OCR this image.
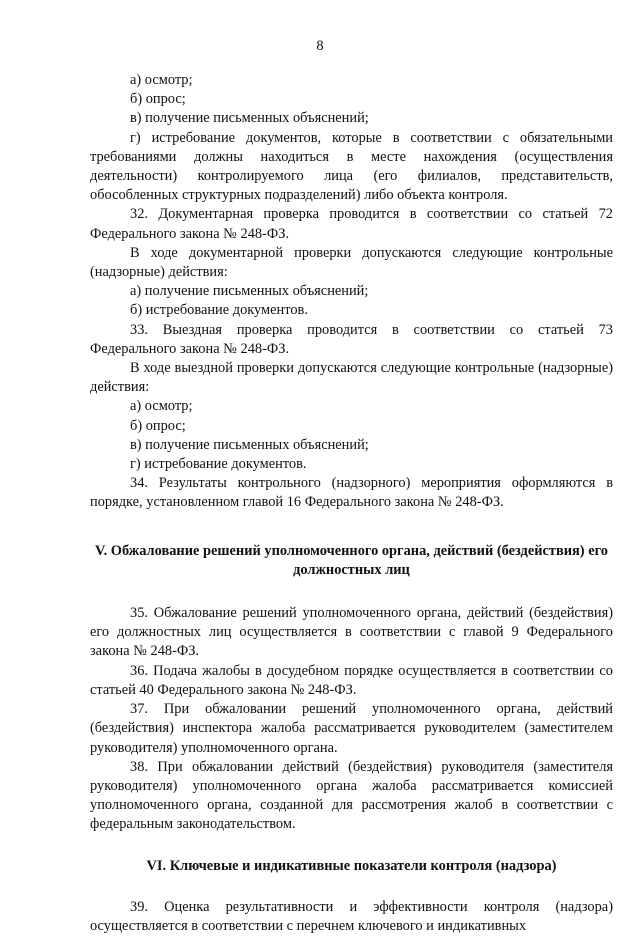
8

а) осмотр;

б) опрос;

в) получение письменных объяснений;

г) истребование документов, которые в соответствии с обязательными требованиями должны находиться в месте нахождения (осуществления деятельности) контролируемого лица (его филиалов, представительств, обособленных структурных подразделений) либо объекта контроля.

32. Документарная проверка проводится в соответствии со статьей 72 Федерального закона № 248-ФЗ.

В ходе документарной проверки допускаются следующие контрольные (надзорные) действия:

а) получение письменных объяснений;

б) истребование документов.

33. Выездная проверка проводится в соответствии со статьей 73 Федерального закона № 248-ФЗ.

В ходе выездной проверки допускаются следующие контрольные (надзорные) действия:

а) осмотр;

б) опрос;

в) получение письменных объяснений;

г) истребование документов.

34. Результаты контрольного (надзорного) мероприятия оформляются в порядке, установленном главой 16 Федерального закона № 248-ФЗ.

V. Обжалование решений уполномоченного органа, действий (бездействия) его должностных лиц

35. Обжалование решений уполномоченного органа, действий (бездействия) его должностных лиц осуществляется в соответствии с главой 9 Федерального закона № 248-ФЗ.

36. Подача жалобы в досудебном порядке осуществляется в соответствии со статьей 40 Федерального закона № 248-ФЗ.

37. При обжаловании решений уполномоченного органа, действий (бездействия) инспектора жалоба рассматривается руководителем (заместителем руководителя) уполномоченного органа.

38. При обжаловании действий (бездействия) руководителя (заместителя руководителя) уполномоченного органа жалоба рассматривается комиссией уполномоченного органа, созданной для рассмотрения жалоб в соответствии с федеральным законодательством.

VI. Ключевые и индикативные показатели контроля (надзора)

39. Оценка результативности и эффективности контроля (надзора) осуществляется в соответствии с перечнем ключевого и индикативных
